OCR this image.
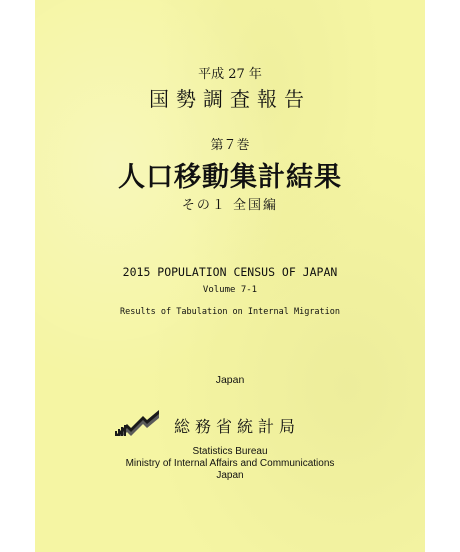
平成 27 年
国勢調査報告
第７巻
人口移動集計結果
その１ 全国編
2015 POPULATION CENSUS OF JAPAN
Volume 7-1
Results of Tabulation on Internal Migration
Japan
総務省統計局
Statistics Bureau
Ministry of Internal Affairs and Communications
Japan
